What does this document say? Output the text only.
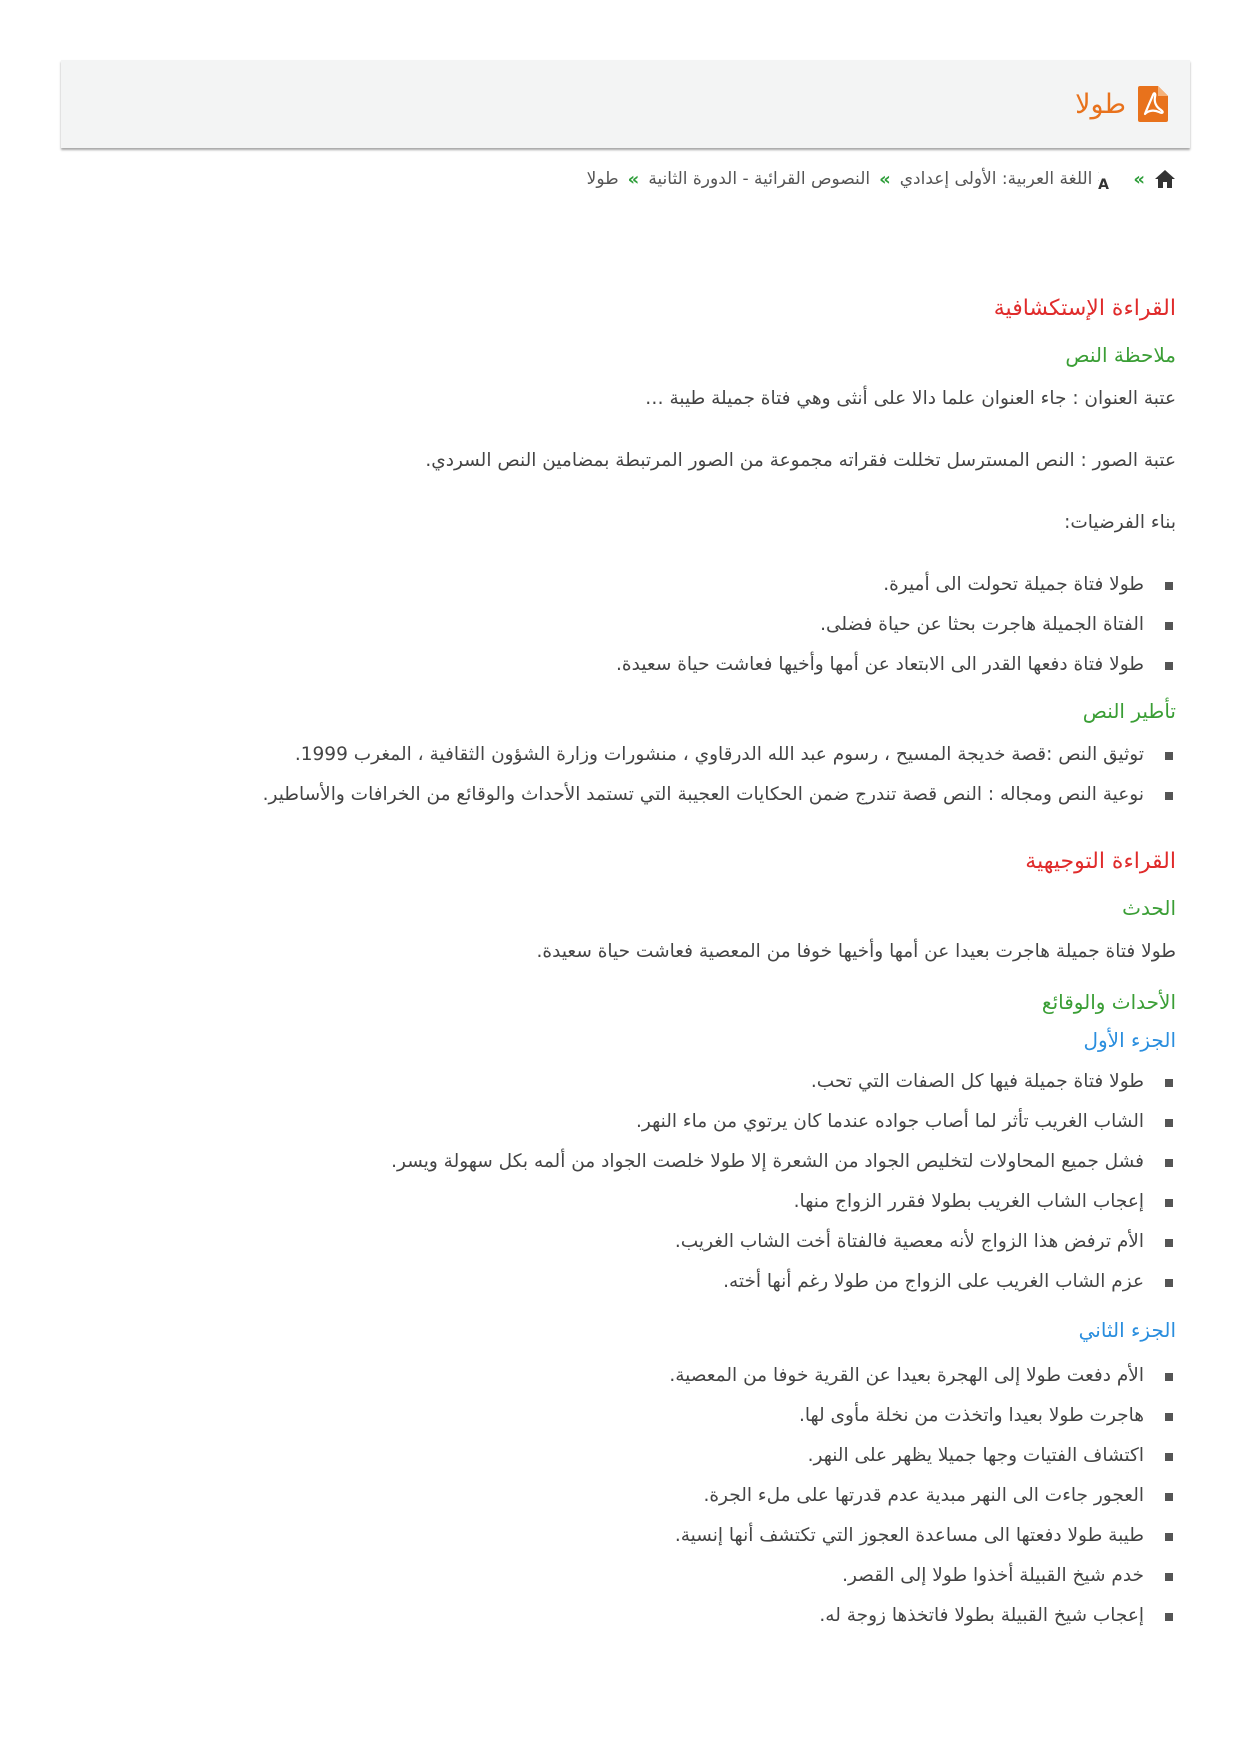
طولا
»
A
اللغة العربية: الأولى إعدادي
»
النصوص القرائية - الدورة الثانية
»
طولا
القراءة الإستكشافية
ملاحظة النص

عتبة العنوان : جاء العنوان علما دالا على أنثى وهي فتاة جميلة طيبة …

عتبة الصور : النص المسترسل تخللت فقراته مجموعة من الصور المرتبطة بمضامين النص السردي.

بناء الفرضيات:

طولا فتاة جميلة تحولت الى أميرة.
الفتاة الجميلة هاجرت بحثا عن حياة فضلى.
طولا فتاة دفعها القدر الى الابتعاد عن أمها وأخيها فعاشت حياة سعيدة.
تأطير النص
توثيق النص :قصة خديجة المسيح ، رسوم عبد الله الدرقاوي ، منشورات وزارة الشؤون الثقافية ، المغرب 1999.
نوعية النص ومجاله : النص قصة تندرج ضمن الحكايات العجيبة التي تستمد الأحداث والوقائع من الخرافات والأساطير.
القراءة التوجيهية
الحدث

طولا فتاة جميلة هاجرت بعيدا عن أمها وأخيها خوفا من المعصية فعاشت حياة سعيدة.

الأحداث والوقائع
الجزء الأول
طولا فتاة جميلة فيها كل الصفات التي تحب.
الشاب الغريب تأثر لما أصاب جواده عندما كان يرتوي من ماء النهر.
فشل جميع المحاولات لتخليص الجواد من الشعرة إلا طولا خلصت الجواد من ألمه بكل سهولة ويسر.
إعجاب الشاب الغريب بطولا فقرر الزواج منها.
الأم ترفض هذا الزواج لأنه معصية فالفتاة أخت الشاب الغريب.
عزم الشاب الغريب على الزواج من طولا رغم أنها أخته.
الجزء الثاني
الأم دفعت طولا إلى الهجرة بعيدا عن القرية خوفا من المعصية.
هاجرت طولا بعيدا واتخذت من نخلة مأوى لها.
اكتشاف الفتيات وجها جميلا يظهر على النهر.
العجور جاءت الى النهر مبدية عدم قدرتها على ملء الجرة.
طيبة طولا دفعتها الى مساعدة العجوز التي تكتشف أنها إنسية.
خدم شيخ القبيلة أخذوا طولا إلى القصر.
إعجاب شيخ القبيلة بطولا فاتخذها زوجة له.
